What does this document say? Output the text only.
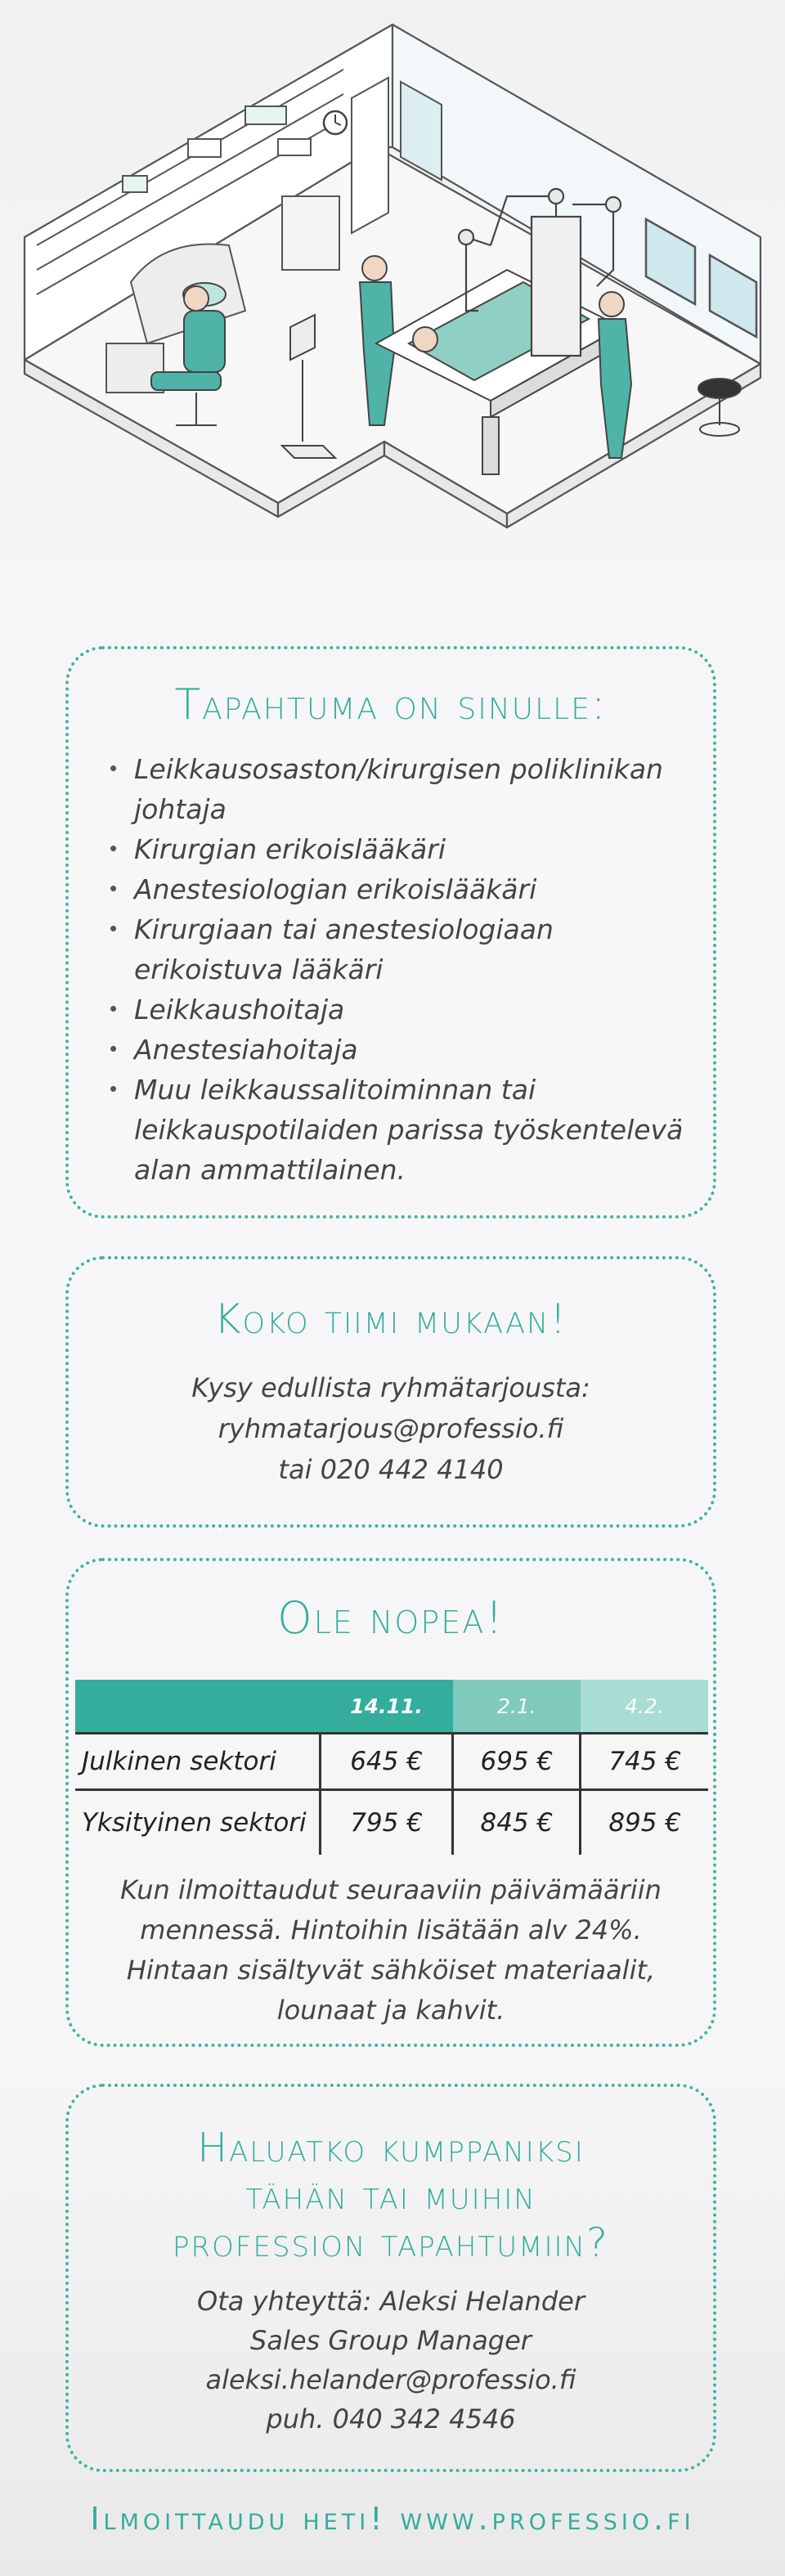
Tapahtuma on sinulle:
• Leikkausosaston/kirurgisen poliklinikan johtaja
• Kirurgian erikoislääkäri
• Anestesiologian erikoislääkäri
• Kirurgiaan tai anestesiologiaan erikoistuva lääkäri
• Leikkaushoitaja
• Anestesiahoitaja
• Muu leikkaussalitoiminnan tai leikkauspotilaiden parissa työskentelevä alan ammattilainen.
Koko tiimi mukaan!
Kysy edullista ryhmätarjousta:
ryhmatarjous@professio.fi
tai 020 442 4140
Ole nopea!
	14.11.	2.1.	4.2.
Julkinen sektori	645 €	695 €	745 €
Yksityinen sektori	795 €	845 €	895 €
Kun ilmoittaudut seuraaviin päivämääriin
mennessä. Hintoihin lisätään alv 24%.
Hintaan sisältyvät sähköiset materiaalit,
lounaat ja kahvit.
Haluatko kumppaniksi
tähän tai muihin
profession tapahtumiin?
Ota yhteyttä: Aleksi Helander
Sales Group Manager
aleksi.helander@professio.fi
puh. 040 342 4546
Ilmoittaudu heti! www.professio.fi
